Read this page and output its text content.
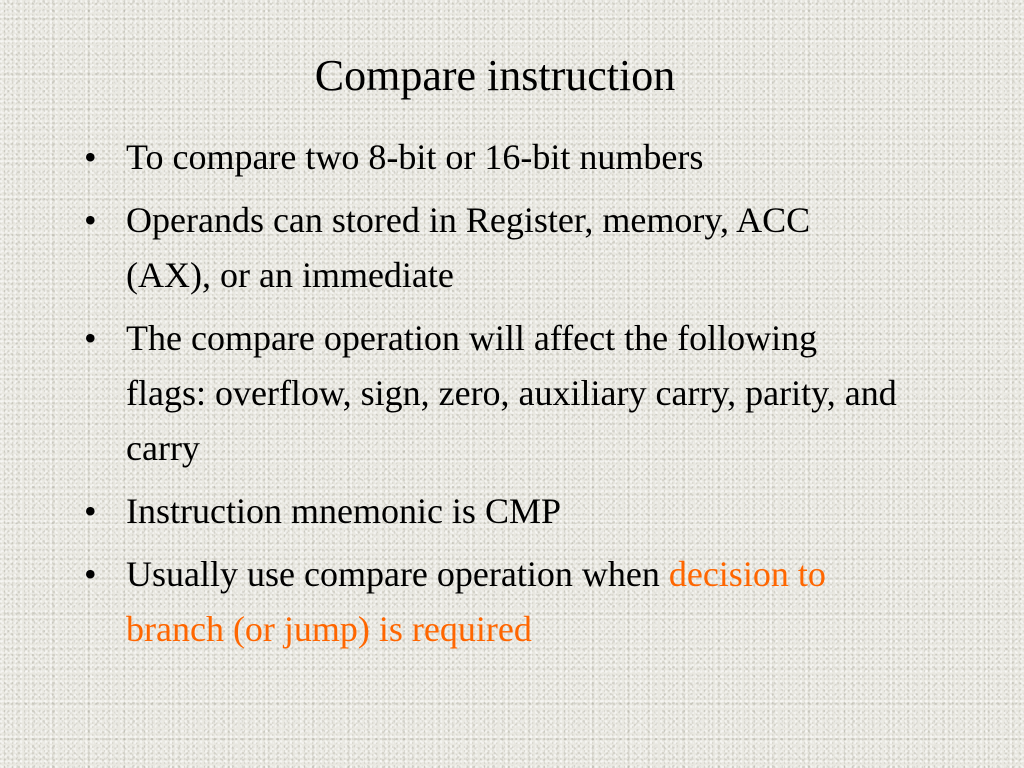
Compare instruction
• To compare two 8-bit or 16-bit numbers
• Operands can stored in Register, memory, ACC (AX), or an immediate
• The compare operation will affect the following flags: overflow, sign, zero, auxiliary carry, parity, and carry
• Instruction mnemonic is CMP
• Usually use compare operation when decision to branch (or jump) is required
